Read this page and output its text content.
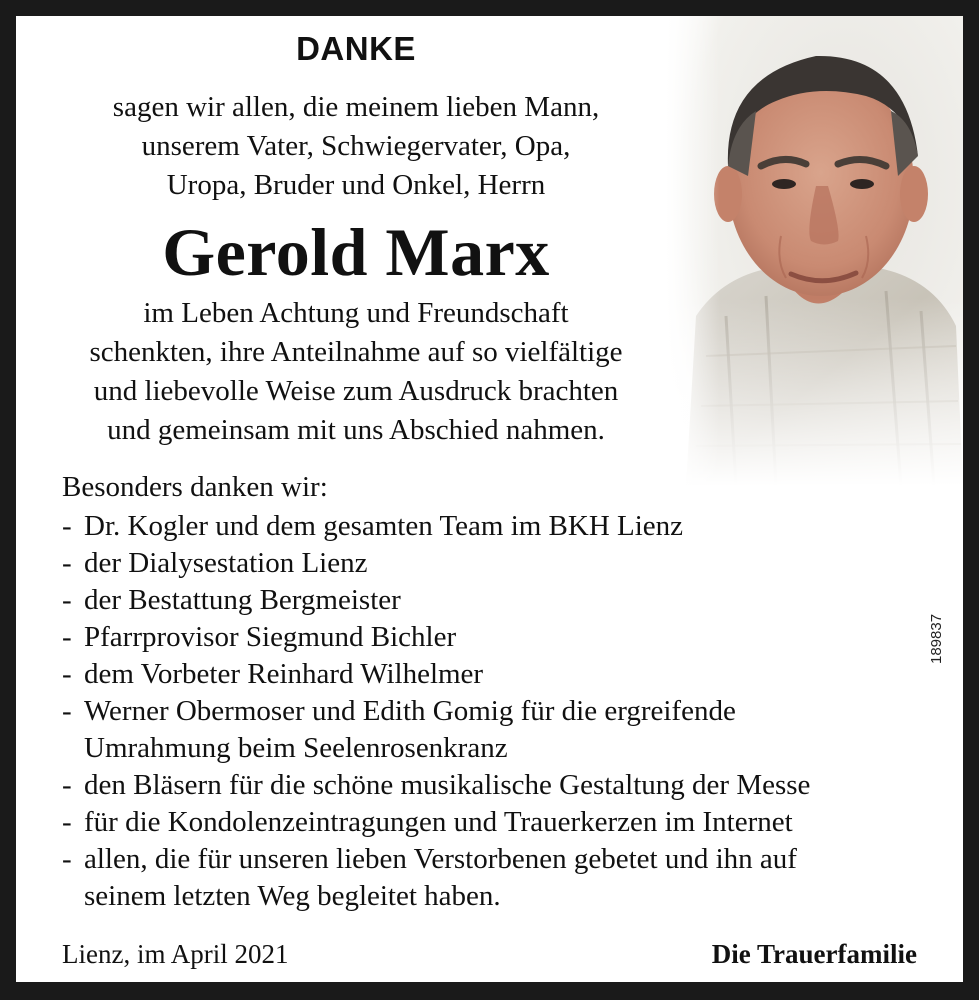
DANKE
sagen wir allen, die meinem lieben Mann,
unserem Vater, Schwiegervater, Opa,
Uropa, Bruder und Onkel, Herrn
Gerold Marx
im Leben Achtung und Freundschaft
schenkten, ihre Anteilnahme auf so vielfältige
und liebevolle Weise zum Ausdruck brachten
und gemeinsam mit uns Abschied nahmen.
Besonders danken wir:
- Dr. Kogler und dem gesamten Team im BKH Lienz
- der Dialysestation Lienz
- der Bestattung Bergmeister
- Pfarrprovisor Siegmund Bichler
- dem Vorbeter Reinhard Wilhelmer
- Werner Obermoser und Edith Gomig für die ergreifende
Umrahmung beim Seelenrosenkranz
- den Bläsern für die schöne musikalische Gestaltung der Messe
- für die Kondolenzeintragungen und Trauerkerzen im Internet
- allen, die für unseren lieben Verstorbenen gebetet und ihn auf
seinem letzten Weg begleitet haben.
Lienz, im April 2021	Die Trauerfamilie
189837
